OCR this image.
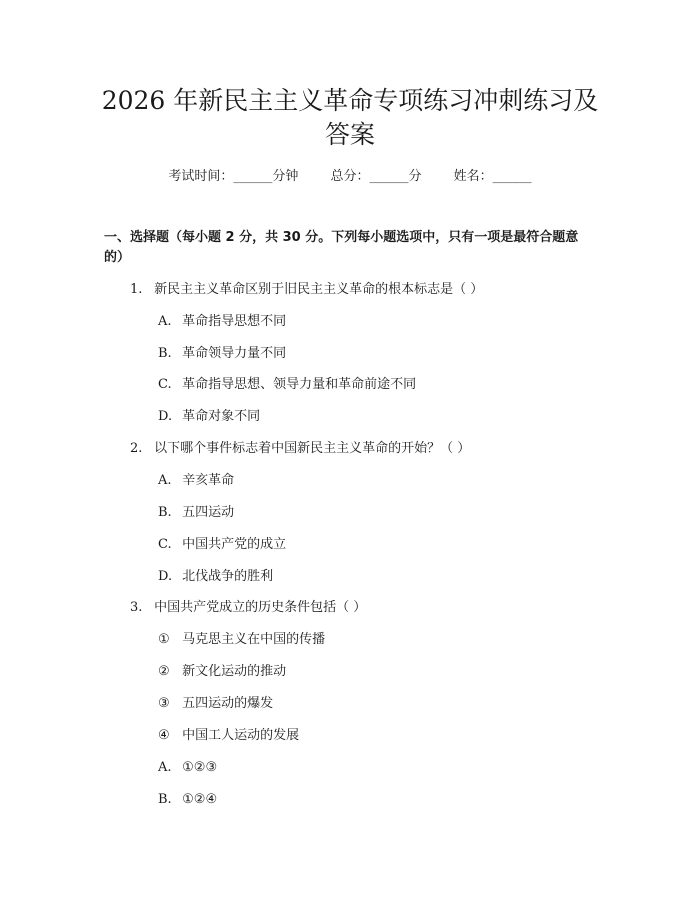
2026 年新民主主义革命专项练习冲刺练习及
答案
考试时间：______分钟 总分：______分 姓名：______
一、选择题（每小题 2 分，共 30 分。下列每小题选项中，只有一项是最符合题意
的）
1. 新民主主义革命区别于旧民主主义革命的根本标志是（ ）
A. 革命指导思想不同
B. 革命领导力量不同
C. 革命指导思想、领导力量和革命前途不同
D. 革命对象不同
2. 以下哪个事件标志着中国新民主主义革命的开始？（ ）
A. 辛亥革命
B. 五四运动
C. 中国共产党的成立
D. 北伐战争的胜利
3. 中国共产党成立的历史条件包括（ ）
① 马克思主义在中国的传播
② 新文化运动的推动
③ 五四运动的爆发
④ 中国工人运动的发展
A. ①②③
B. ①②④
